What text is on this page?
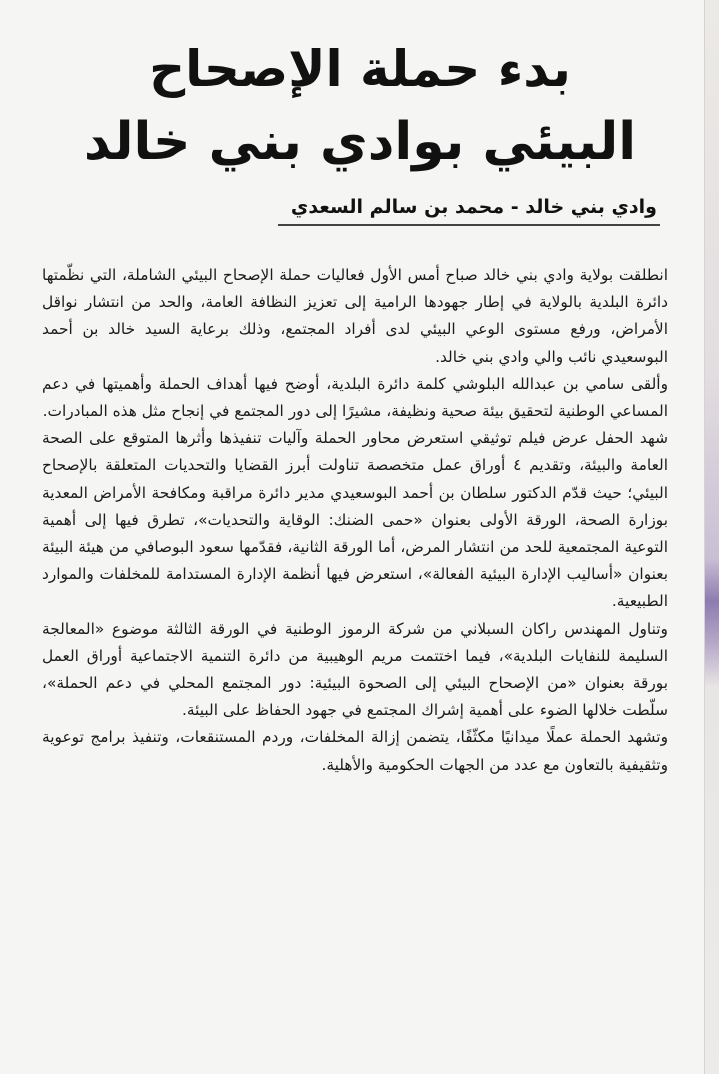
بدء حملة الإصحاح
البيئي بوادي بني خالد
وادي بني خالد - محمد بن سالم السعدي

انطلقت بولاية وادي بني خالد صباح أمس الأول فعاليات حملة الإصحاح البيئي الشاملة، التي نظّمتها دائرة البلدية بالولاية في إطار جهودها الرامية إلى تعزيز النظافة العامة، والحد من انتشار نواقل الأمراض، ورفع مستوى الوعي البيئي لدى أفراد المجتمع، وذلك برعاية السيد خالد بن أحمد البوسعيدي نائب والي وادي بني خالد.

وألقى سامي بن عبدالله البلوشي كلمة دائرة البلدية، أوضح فيها أهداف الحملة وأهميتها في دعم المساعي الوطنية لتحقيق بيئة صحية ونظيفة، مشيرًا إلى دور المجتمع في إنجاح مثل هذه المبادرات.

شهد الحفل عرض فيلم توثيقي استعرض محاور الحملة وآليات تنفيذها وأثرها المتوقع على الصحة العامة والبيئة، وتقديم ٤ أوراق عمل متخصصة تناولت أبرز القضايا والتحديات المتعلقة بالإصحاح البيئي؛ حيث قدّم الدكتور سلطان بن أحمد البوسعيدي مدير دائرة مراقبة ومكافحة الأمراض المعدية بوزارة الصحة، الورقة الأولى بعنوان «حمى الضنك: الوقاية والتحديات»، تطرق فيها إلى أهمية التوعية المجتمعية للحد من انتشار المرض، أما الورقة الثانية، فقدّمها سعود البوصافي من هيئة البيئة بعنوان «أساليب الإدارة البيئية الفعالة»، استعرض فيها أنظمة الإدارة المستدامة للمخلفات والموارد الطبيعية.

وتناول المهندس راكان السبلاني من شركة الرموز الوطنية في الورقة الثالثة موضوع «المعالجة السليمة للنفايات البلدية»، فيما اختتمت مريم الوهيبية من دائرة التنمية الاجتماعية أوراق العمل بورقة بعنوان «من الإصحاح البيئي إلى الصحوة البيئية: دور المجتمع المحلي في دعم الحملة»، سلّطت خلالها الضوء على أهمية إشراك المجتمع في جهود الحفاظ على البيئة.

وتشهد الحملة عملًا ميدانيًا مكثّفًا، يتضمن إزالة المخلفات، وردم المستنقعات، وتنفيذ برامج توعوية وتثقيفية بالتعاون مع عدد من الجهات الحكومية والأهلية.
